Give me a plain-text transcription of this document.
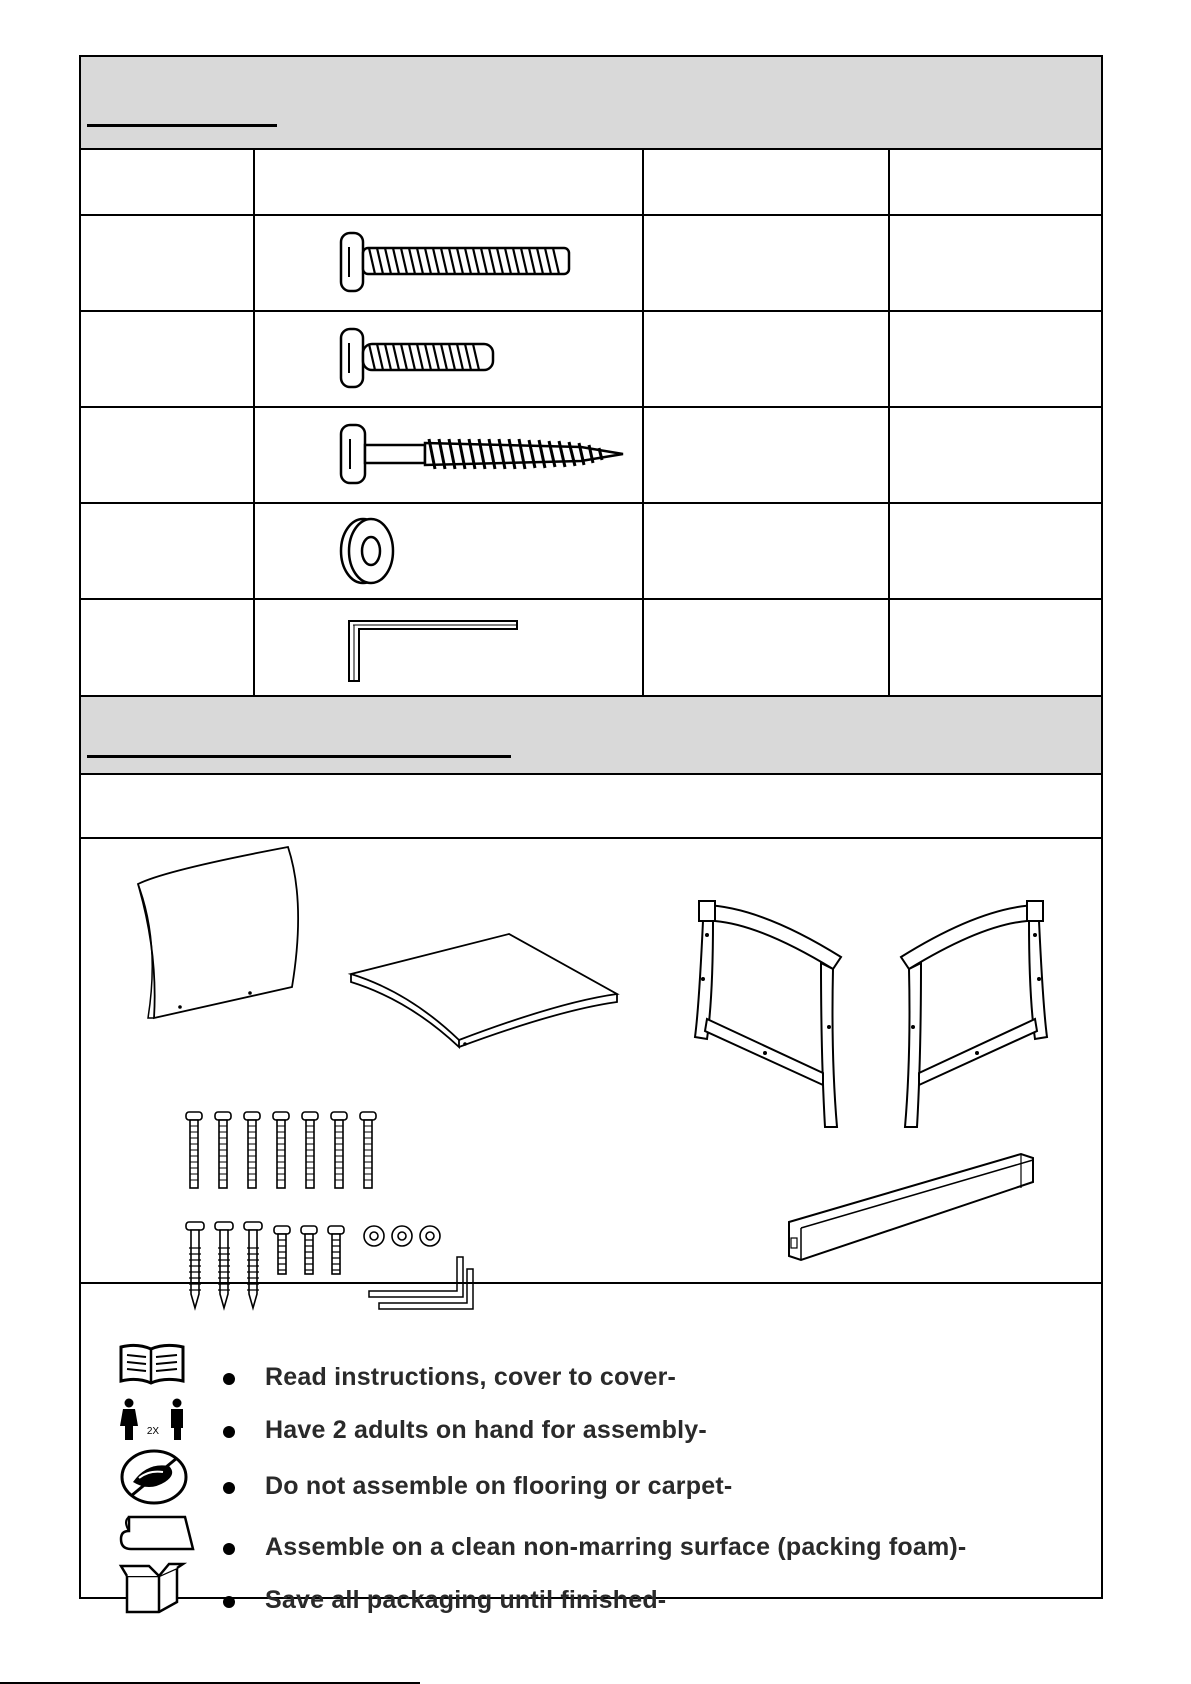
Read instructions, cover to cover-
2X	Have 2 adults on hand for assembly-
Do not assemble on flooring or carpet-
Assemble on a clean non-marring surface (packing foam)-
Save all packaging until finished-
